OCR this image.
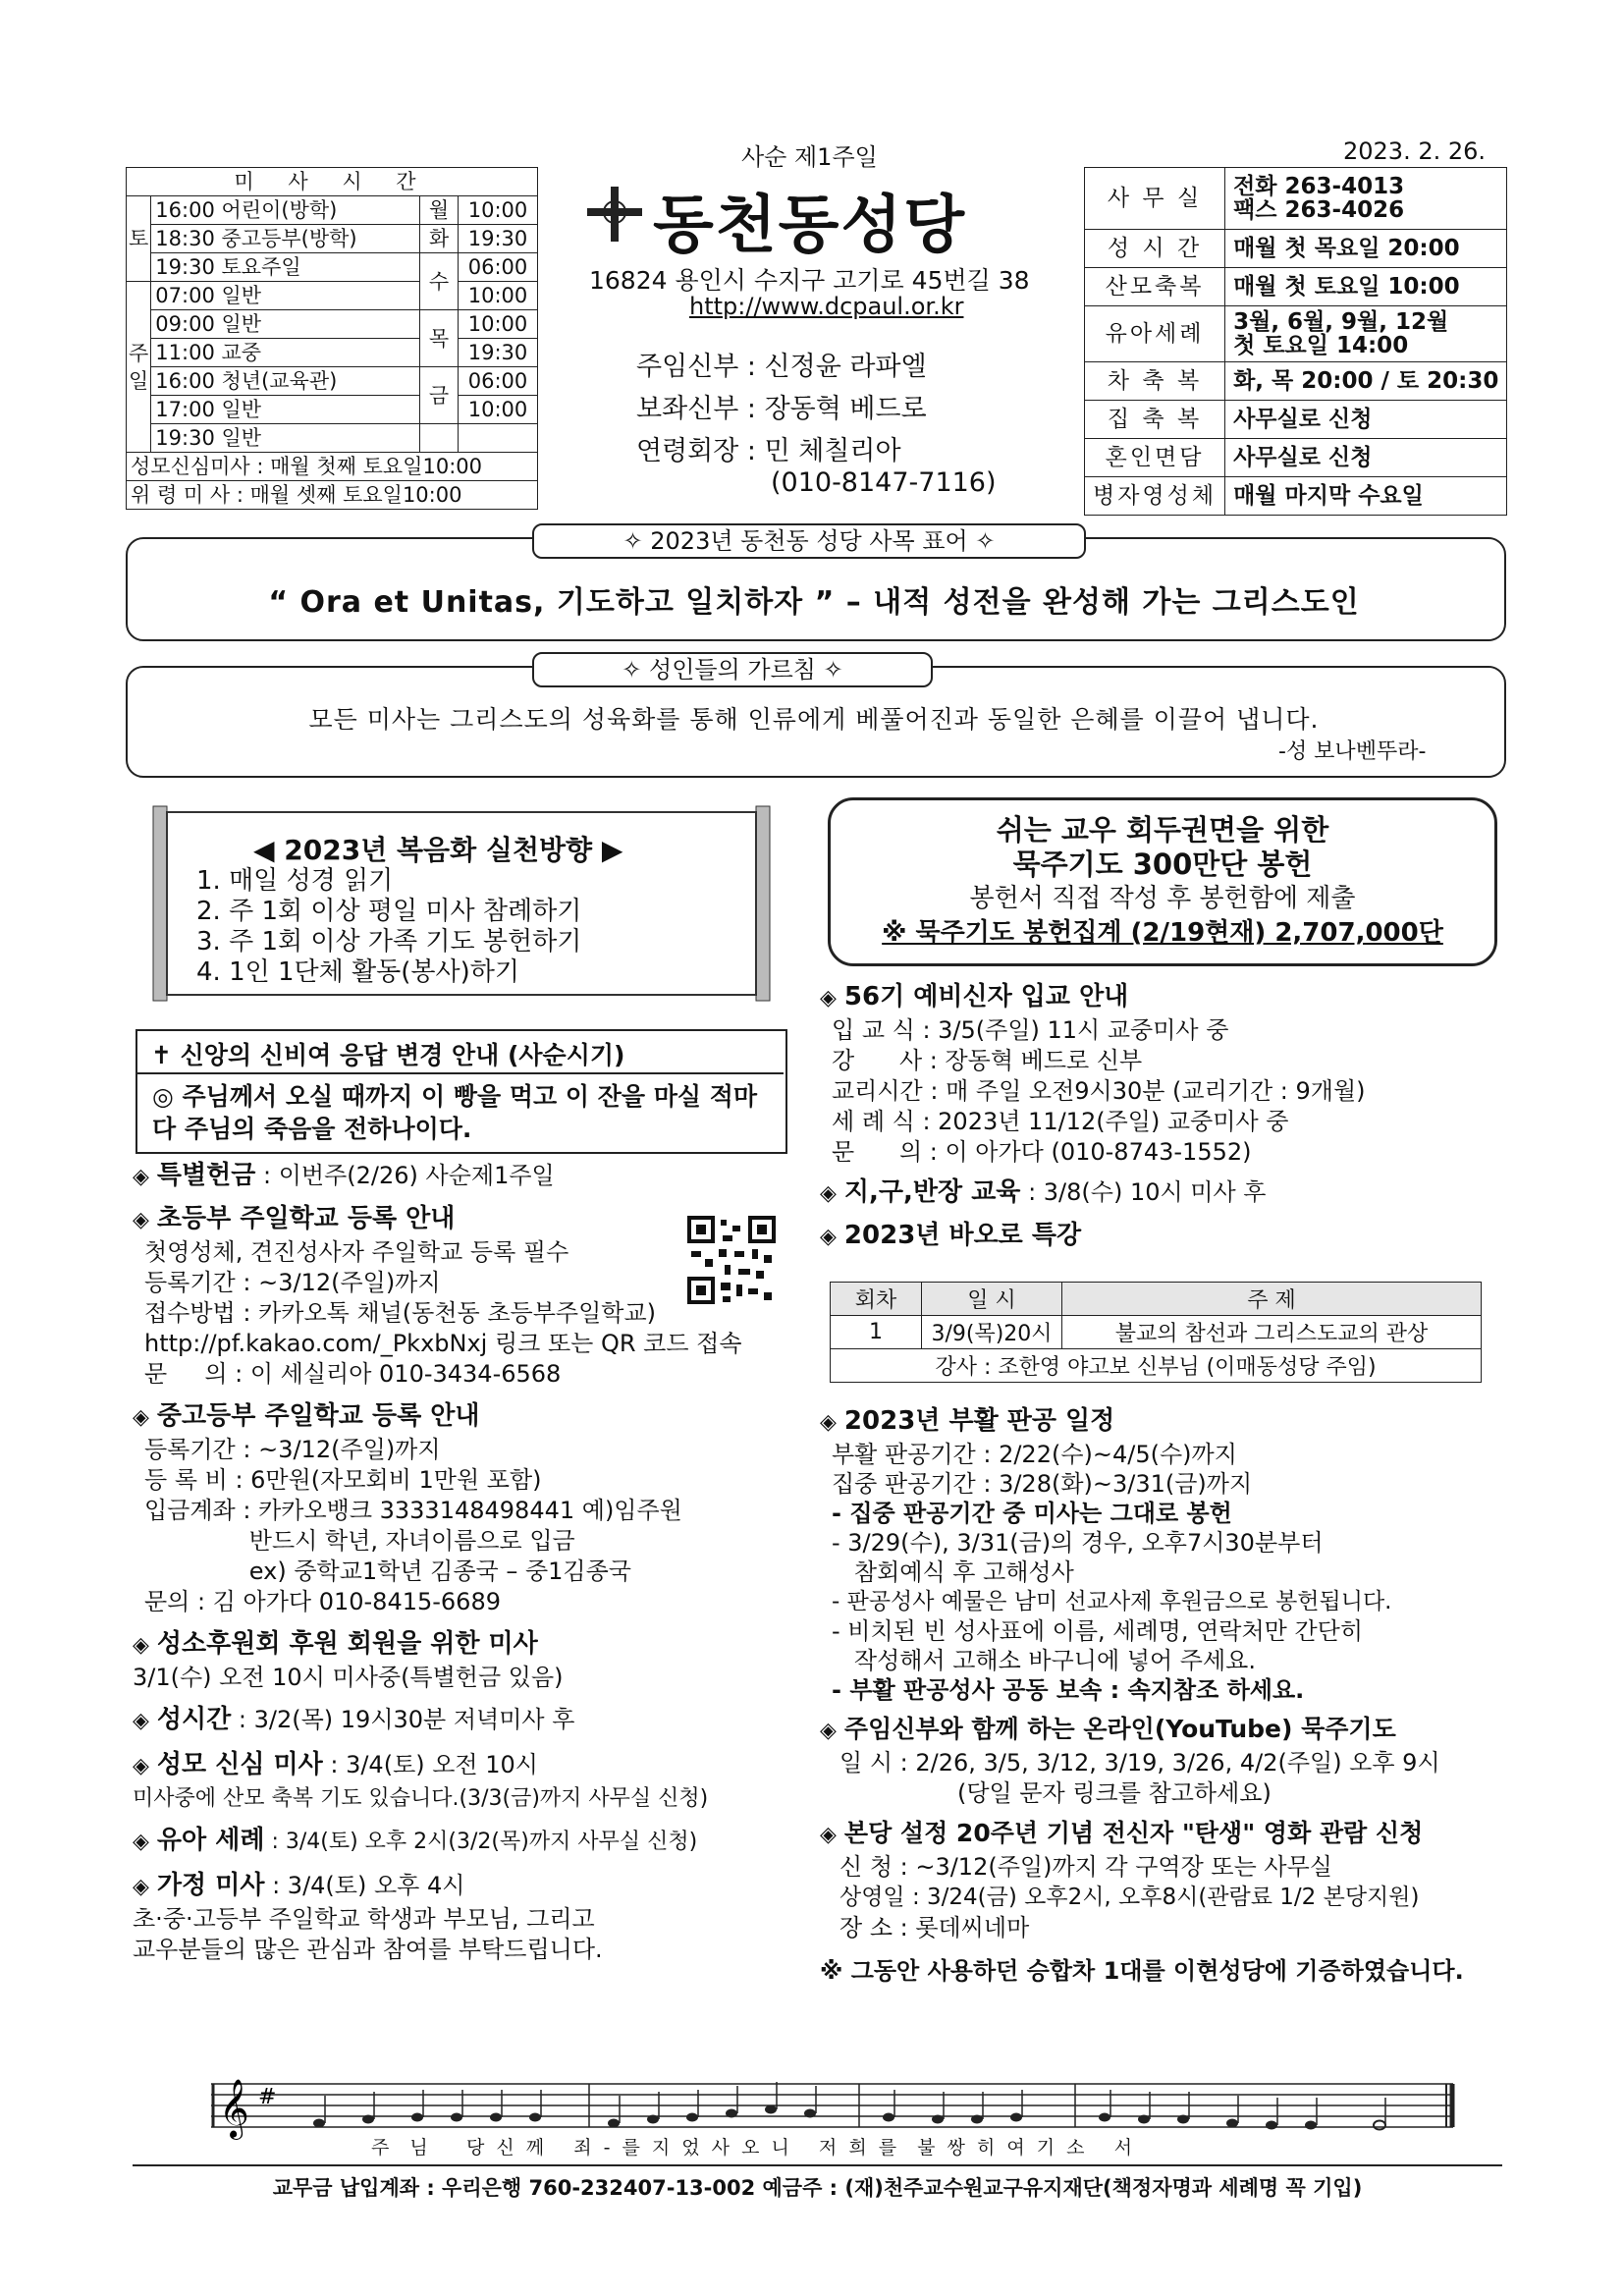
사순 제1주일	2023. 2. 26.
미 사 시 간			
토	16:00 어린이(방학)	월	10:00
	18:30 중고등부(방학)	화	19:30
	19:30 토요주일	수	06:00
주일	07:00 일반		10:00
	09:00 일반	목	10:00
	11:00 교중		19:30
	16:00 청년(교육관)	금	06:00
	17:00 일반		10:00
	19:30 일반		
성모신심미사 : 매월 첫째 토요일10:00			
위 령 미 사 : 매월 셋째 토요일10:00			
동천동성당
16824 용인시 수지구 고기로 45번길 38
http://www.dcpaul.or.kr
주임신부 : 신정윤 라파엘
보좌신부 : 장동혁 베드로
연령회장 : 민 체칠리아
(010-8147-7116)
사 무 실	전화 263-4013
팩스 263-4026
성 시 간	매월 첫 목요일 20:00
산모축복	매월 첫 토요일 10:00
유아세례	3월, 6월, 9월, 12월
첫 토요일 14:00
차 축 복	화, 목 20:00 / 토 20:30
집 축 복	사무실로 신청
혼인면담	사무실로 신청
병자영성체	매월 마지막 수요일
✧ 2023년 동천동 성당 사목 표어 ✧
“ Ora et Unitas, 기도하고 일치하자 ” – 내적 성전을 완성해 가는 그리스도인
✧ 성인들의 가르침 ✧
모든 미사는 그리스도의 성육화를 통해 인류에게 베풀어진과 동일한 은혜를 이끌어 냅니다.
-성 보나벤뚜라-
◀ 2023년 복음화 실천방향 ▶
1. 매일 성경 읽기
2. 주 1회 이상 평일 미사 참례하기
3. 주 1회 이상 가족 기도 봉헌하기
4. 1인 1단체 활동(봉사)하기
쉬는 교우 회두권면을 위한
묵주기도 300만단 봉헌
봉헌서 직접 작성 후 봉헌함에 제출
※ 묵주기도 봉헌집계 (2/19현재) 2,707,000단
✝ 신앙의 신비여 응답 변경 안내 (사순시기)
◎ 주님께서 오실 때까지 이 빵을 먹고 이 잔을 마실 적마다 주님의 죽음을 전하나이다.
◈ 특별헌금 : 이번주(2/26) 사순제1주일
◈ 초등부 주일학교 등록 안내
첫영성체, 견진성사자 주일학교 등록 필수
등록기간 : ~3/12(주일)까지
접수방법 : 카카오톡 채널(동천동 초등부주일학교)
http://pf.kakao.com/_PkxbNxj 링크 또는 QR 코드 접속
문     의 : 이 세실리아 010-3434-6568
◈ 중고등부 주일학교 등록 안내
등록기간 : ~3/12(주일)까지
등 록 비 : 6만원(자모회비 1만원 포함)
입금계좌 : 카카오뱅크 3333148498441 예)임주원
반드시 학년, 자녀이름으로 입금
ex) 중학교1학년 김종국 – 중1김종국
문의 : 김 아가다 010-8415-6689
◈ 성소후원회 후원 회원을 위한 미사
3/1(수) 오전 10시 미사중(특별헌금 있음)
◈ 성시간 : 3/2(목) 19시30분 저녁미사 후
◈ 성모 신심 미사 : 3/4(토) 오전 10시
미사중에 산모 축복 기도 있습니다.(3/3(금)까지 사무실 신청)
◈ 유아 세례 : 3/4(토) 오후 2시(3/2(목)까지 사무실 신청)
◈ 가정 미사 : 3/4(토) 오후 4시
초·중·고등부 주일학교 학생과 부모님, 그리고
교우분들의 많은 관심과 참여를 부탁드립니다.
◈ 56기 예비신자 입교 안내
입 교 식 : 3/5(주일) 11시 교중미사 중
강      사 : 장동혁 베드로 신부
교리시간 : 매 주일 오전9시30분 (교리기간 : 9개월)
세 례 식 : 2023년 11/12(주일) 교중미사 중
문      의 : 이 아가다 (010-8743-1552)
◈ 지,구,반장 교육 : 3/8(수) 10시 미사 후
◈ 2023년 바오로 특강
회차	일 시	주 제
1	3/9(목)20시	불교의 참선과 그리스도교의 관상
강사 : 조한영 야고보 신부님 (이매동성당 주임)		
◈ 2023년 부활 판공 일정
부활 판공기간 : 2/22(수)~4/5(수)까지
집중 판공기간 : 3/28(화)~3/31(금)까지
- 집중 판공기간 중 미사는 그대로 봉헌
- 3/29(수), 3/31(금)의 경우, 오후7시30분부터
참회예식 후 고해성사
- 판공성사 예물은 남미 선교사제 후원금으로 봉헌됩니다.
- 비치된 빈 성사표에 이름, 세례명, 연락처만 간단히
작성해서 고해소 바구니에 넣어 주세요.
- 부활 판공성사 공동 보속 : 속지참조 하세요.
◈ 주임신부와 함께 하는 온라인(YouTube) 묵주기도
일 시 : 2/26, 3/5, 3/12, 3/19, 3/26, 4/2(주일) 오후 9시
(당일 문자 링크를 참고하세요)
◈ 본당 설정 20주년 기념 전신자 "탄생" 영화 관람 신청
신 청 : ~3/12(주일)까지 각 구역장 또는 사무실
상영일 : 3/24(금) 오후2시, 오후8시(관람료 1/2 본당지원)
장 소 : 롯데씨네마
※ 그동안 사용하던 승합차 1대를 이현성당에 기증하였습니다.
𝄞 #
주  님    당 신 께   죄 - 를 지 었 사 오 니   저 희 를  불 쌍 히 여 기 소   서
교무금 납입계좌 : 우리은행 760-232407-13-002 예금주 : (재)천주교수원교구유지재단(책정자명과 세례명 꼭 기입)
